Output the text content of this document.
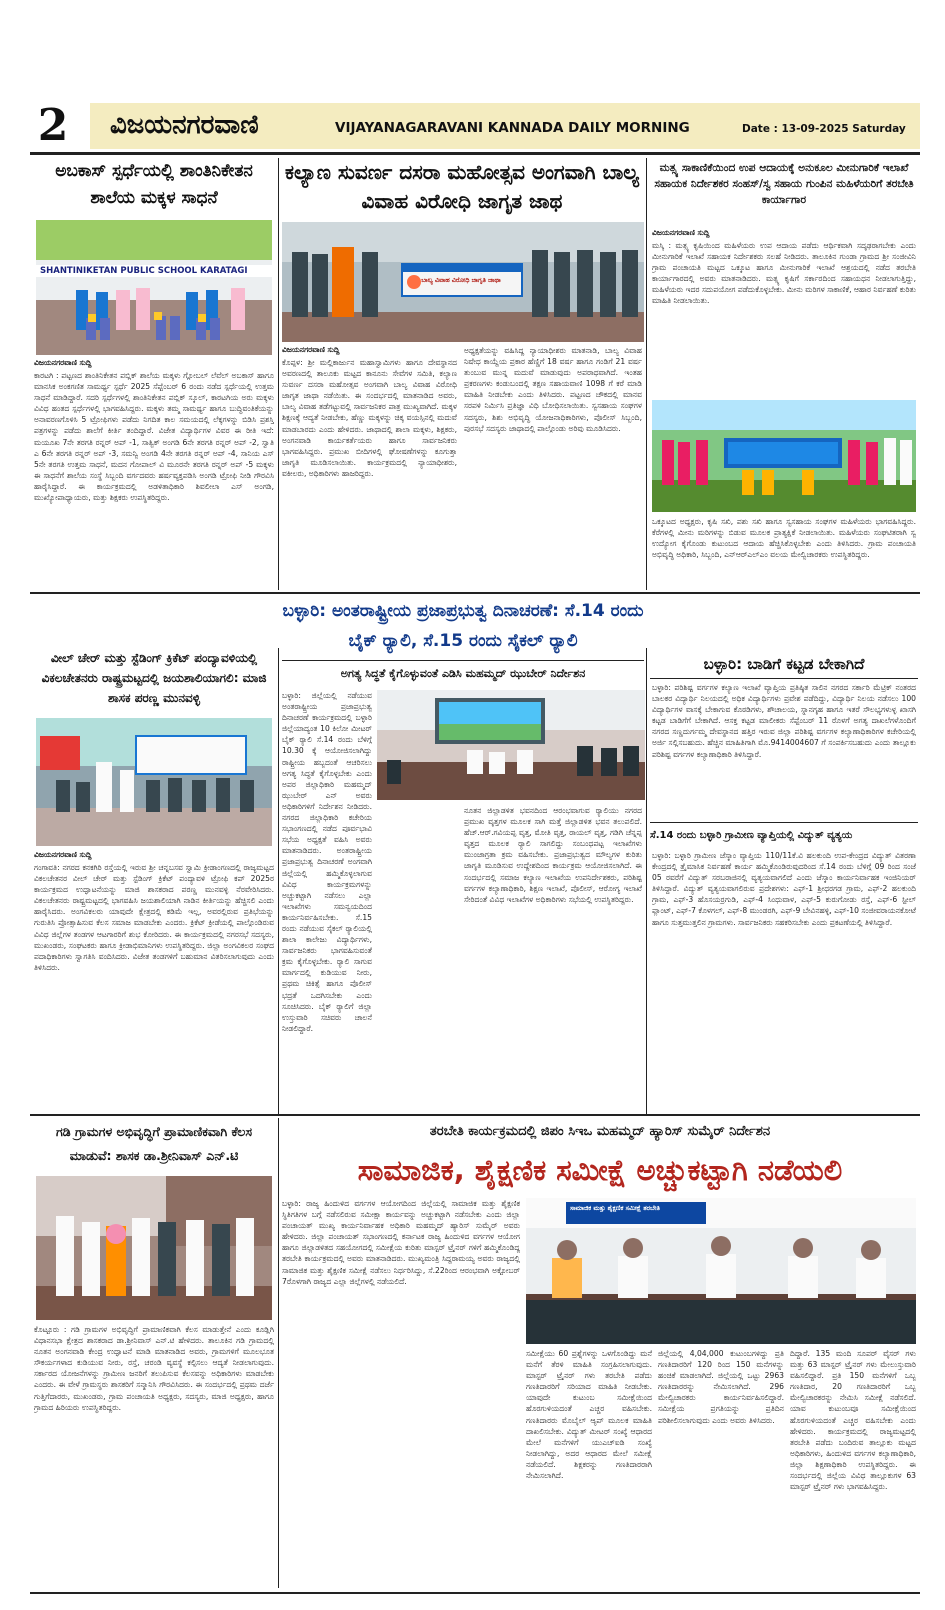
2 ವಿಜಯನಗರವಾಣಿ	VIJAYANAGARAVANI KANNADA DAILY MORNING	Date : 13-09-2025 Saturday
ಅಬಕಾಸ್ ಸ್ಪರ್ಧೆಯಲ್ಲಿ ಶಾಂತಿನಿಕೇತನ ಶಾಲೆಯ ಮಕ್ಕಳ ಸಾಧನೆ
SHANTINIKETAN PUBLIC SCHOOL KARATAGI
ವಿಜಯನಗರವಾಣಿ ಸುದ್ದಿ
ಕಾರಟಗಿ : ಪಟ್ಟಣದ ಶಾಂತಿನಿಕೇತನ ಪಬ್ಲಿಕ್ ಶಾಲೆಯ ಮಕ್ಕಳು ಗ್ಲೋಬಲ್ ಲೆವೆಲ್ ಅಬಕಾಸ್ ಹಾಗೂ ಮಾನಸಿಕ ಅಂಕಗಣಿತ ಸಾಮರ್ಥ್ಯ ಸ್ಪರ್ಧೆ 2025 ಸೆಪ್ಟೆಂಬರ್ 6 ರಂದು ನಡೆದ ಸ್ಪರ್ಧೆಯಲ್ಲಿ ಉತ್ತಮ ಸಾಧನೆ ಮಾಡಿದ್ದಾರೆ. ಸದರಿ ಸ್ಪರ್ಧೆಗಳಲ್ಲಿ ಶಾಂತಿನಿಕೇತನ ಪಬ್ಲಿಕ್ ಸ್ಕೂಲ್, ಕಾರಟಗಿಯ ಅರು ಮಕ್ಕಳು ವಿವಿಧ ಹಂತದ ಸ್ಪರ್ಧೆಗಳಲ್ಲಿ ಭಾಗವಹಿಸಿದ್ದರು. ಮಕ್ಕಳು ತಮ್ಮ ಸಾಮರ್ಥ್ಯ ಹಾಗೂ ಬುದ್ಧಿವಂತಿಕೆಯನ್ನು ಅನಾವರಣಗೊಳಿಸಿ 5 ಟ್ರೋಫಿಗಳು ಪಡೆದು ನಿಗದಿತ ಕಾಲ ಸಮಯದಲ್ಲಿ ಲೆಕ್ಕಗಳನ್ನು ಬಿಡಿಸಿ ಪ್ರಶಸ್ತಿ ಪತ್ರಗಳನ್ನು ಪಡೆದು ಶಾಲೆಗೆ ಕೀರ್ತಿ ತಂದಿದ್ದಾರೆ. ವಿಜೇತ ವಿದ್ಯಾರ್ಥಿಗಳ ವಿವರ ಈ ರೀತಿ ಇದೆ: ಮಯೂಖ 7ನೇ ತರಗತಿ ರನ್ನರ್ ಅಪ್ -1, ಸಾತ್ವಿಕ್ ಅಂಗಡಿ 6ನೇ ತರಗತಿ ರನ್ನರ್ ಅಪ್ -2, ಸ್ವಾತಿ ಎ 6ನೇ ತರಗತಿ ರನ್ನರ್ ಅಪ್ -3, ಸಮನ್ವಿ ಅಂಗಡಿ 4ನೇ ತರಗತಿ ರನ್ನರ್ ಅಪ್ -4, ಸಾನಿಯ ಎಸ್ 5ನೇ ತರಗತಿ ಉತ್ತಮ ಸಾಧನೆ, ಮದನ ಗೋಪಾಲ್ ವಿ ಮೂರನೇ ತರಗತಿ ರನ್ನರ್ ಅಪ್ -5 ಮಕ್ಕಳು ಈ ಸಾಧನೆಗೆ ಶಾಲೆಯ ಸಂಸ್ಥೆ ಸಿಬ್ಬಂದಿ ವರ್ಗದವರು ಹರ್ಷವ್ಯಕ್ತಪಡಿಸಿ ಅಂಗಡಿ ಟ್ರೋಫಿ ನೀಡಿ ಗೌರವಿಸಿ ಹಾರೈಸಿದ್ದಾರೆ. ಈ ಕಾರ್ಯಕ್ರಮದಲ್ಲಿ ಅಡಳಿತಾಧಿಕಾರಿ ಶಿವಲೀಲಾ ಎಸ್ ಅಂಗಡಿ, ಮುಖ್ಯೋಪಾಧ್ಯಾಯರು, ಮತ್ತು ಶಿಕ್ಷಕರು ಉಪಸ್ಥಿತರಿದ್ದರು.
ಕಲ್ಯಾಣ ಸುವರ್ಣ ದಸರಾ ಮಹೋತ್ಸವ ಅಂಗವಾಗಿ ಬಾಲ್ಯ ವಿವಾಹ ವಿರೋಧಿ ಜಾಗೃತ ಜಾಥ
ಬಾಲ್ಯ ವಿವಾಹ ವಿರೋಧಿ ಜಾಗೃತಿ ಜಾಥಾ
ವಿಜಯನಗರವಾಣಿ ಸುದ್ದಿ
ಕೊಪ್ಪಳ: ಶ್ರೀ ಮಲ್ಲಿಕಾರ್ಜುನ ಮಹಾಸ್ವಾಮಿಗಳು ಹಾಗೂ ದೇವಸ್ಥಾನದ ಅವರಣದಲ್ಲಿ ತಾಲೂಕು ಮಟ್ಟದ ಕಾನೂನು ಸೇವೆಗಳ ಸಮಿತಿ, ಕಲ್ಯಾಣ ಸುವರ್ಣ ದಸರಾ ಮಹೋತ್ಸವ ಅಂಗವಾಗಿ ಬಾಲ್ಯ ವಿವಾಹ ವಿರೋಧಿ ಜಾಗೃತ ಜಾಥಾ ನಡೆಯಿತು. ಈ ಸಂದರ್ಭದಲ್ಲಿ ಮಾತನಾಡಿದ ಅವರು, ಬಾಲ್ಯ ವಿವಾಹ ತಡೆಗಟ್ಟುವಲ್ಲಿ ಸಾರ್ವಜನಿಕರ ಪಾತ್ರ ಮುಖ್ಯವಾಗಿದೆ. ಮಕ್ಕಳ ಶಿಕ್ಷಣಕ್ಕೆ ಆದ್ಯತೆ ನೀಡಬೇಕು, ಹೆಣ್ಣು ಮಕ್ಕಳನ್ನು ಚಿಕ್ಕ ವಯಸ್ಸಿನಲ್ಲಿ ಮದುವೆ ಮಾಡಬಾರದು ಎಂದು ಹೇಳಿದರು. ಜಾಥಾದಲ್ಲಿ ಶಾಲಾ ಮಕ್ಕಳು, ಶಿಕ್ಷಕರು, ಅಂಗನವಾಡಿ ಕಾರ್ಯಕರ್ತೆಯರು ಹಾಗೂ ಸಾರ್ವಜನಿಕರು ಭಾಗವಹಿಸಿದ್ದರು. ಪ್ರಮುಖ ಬೀದಿಗಳಲ್ಲಿ ಘೋಷಣೆಗಳನ್ನು ಕೂಗುತ್ತಾ ಜಾಗೃತಿ ಮೂಡಿಸಲಾಯಿತು. ಕಾರ್ಯಕ್ರಮದಲ್ಲಿ ನ್ಯಾಯಾಧೀಶರು, ವಕೀಲರು, ಅಧಿಕಾರಿಗಳು ಹಾಜರಿದ್ದರು.
ಅಧ್ಯಕ್ಷತೆಯನ್ನು ವಹಿಸಿದ್ದ ನ್ಯಾಯಾಧೀಶರು ಮಾತನಾಡಿ, ಬಾಲ್ಯ ವಿವಾಹ ನಿಷೇಧ ಕಾಯ್ದೆಯ ಪ್ರಕಾರ ಹೆಣ್ಣಿಗೆ 18 ವರ್ಷ ಹಾಗೂ ಗಂಡಿಗೆ 21 ವರ್ಷ ತುಂಬುವ ಮುನ್ನ ಮದುವೆ ಮಾಡುವುದು ಅಪರಾಧವಾಗಿದೆ. ಇಂತಹ ಪ್ರಕರಣಗಳು ಕಂಡುಬಂದಲ್ಲಿ ತಕ್ಷಣ ಸಹಾಯವಾಣಿ 1098 ಗೆ ಕರೆ ಮಾಡಿ ಮಾಹಿತಿ ನೀಡಬೇಕು ಎಂದು ತಿಳಿಸಿದರು. ಪಟ್ಟಣದ ಚೌಕದಲ್ಲಿ ಮಾನವ ಸರಪಳಿ ನಿರ್ಮಿಸಿ ಪ್ರತಿಜ್ಞಾ ವಿಧಿ ಬೋಧಿಸಲಾಯಿತು. ಸ್ವಸಹಾಯ ಸಂಘಗಳ ಸದಸ್ಯರು, ಶಿಶು ಅಭಿವೃದ್ಧಿ ಯೋಜನಾಧಿಕಾರಿಗಳು, ಪೊಲೀಸ್ ಸಿಬ್ಬಂದಿ, ಪುರಸಭೆ ಸದಸ್ಯರು ಜಾಥಾದಲ್ಲಿ ಪಾಲ್ಗೊಂಡು ಅರಿವು ಮೂಡಿಸಿದರು.
ಮತ್ಸ್ಯ ಸಾಕಾಣಿಕೆಯಿಂದ ಉಪ ಆದಾಯಕ್ಕೆ ಅನುಕೂಲ ಮೀನುಗಾರಿಕೆ ಇಲಾಖೆ ಸಹಾಯಕ ನಿರ್ದೇಶಕರ ಸಂಹಸ್/ಸ್ವ ಸಹಾಯ ಗುಂಪಿನ ಮಹಿಳೆಯರಿಗೆ ತರಬೇತಿ ಕಾರ್ಯಾಗಾರ
ವಿಜಯನಗರವಾಣಿ ಸುದ್ದಿ
ಮಸ್ಕಿ : ಮತ್ಸ್ಯ ಕೃಷಿಯಿಂದ ಮಹಿಳೆಯರು ಉಪ ಆದಾಯ ಪಡೆದು ಆರ್ಥಿಕವಾಗಿ ಸದೃಢರಾಗಬೇಕು ಎಂದು ಮೀನುಗಾರಿಕೆ ಇಲಾಖೆ ಸಹಾಯಕ ನಿರ್ದೇಶಕರು ಸಲಹೆ ನೀಡಿದರು. ತಾಲೂಕಿನ ಗುಂಡಾ ಗ್ರಾಮದ ಶ್ರೀ ಸಂಜೀವಿನಿ ಗ್ರಾಮ ಪಂಚಾಯತಿ ಮಟ್ಟದ ಒಕ್ಕೂಟ ಹಾಗೂ ಮೀನುಗಾರಿಕೆ ಇಲಾಖೆ ಆಶ್ರಯದಲ್ಲಿ ನಡೆದ ತರಬೇತಿ ಕಾರ್ಯಾಗಾರದಲ್ಲಿ ಅವರು ಮಾತನಾಡಿದರು. ಮತ್ಸ್ಯ ಕೃಷಿಗೆ ಸರ್ಕಾರದಿಂದ ಸಹಾಯಧನ ನೀಡಲಾಗುತ್ತಿದ್ದು, ಮಹಿಳೆಯರು ಇದರ ಸದುಪಯೋಗ ಪಡೆದುಕೊಳ್ಳಬೇಕು. ಮೀನು ಮರಿಗಳ ಸಾಕಾಣಿಕೆ, ಆಹಾರ ನಿರ್ವಹಣೆ ಕುರಿತು ಮಾಹಿತಿ ನೀಡಲಾಯಿತು.
ಒಕ್ಕೂಟದ ಅಧ್ಯಕ್ಷರು, ಕೃಷಿ ಸಖಿ, ಪಶು ಸಖಿ ಹಾಗೂ ಸ್ವಸಹಾಯ ಸಂಘಗಳ ಮಹಿಳೆಯರು ಭಾಗವಹಿಸಿದ್ದರು. ಕೆರೆಗಳಲ್ಲಿ ಮೀನು ಮರಿಗಳನ್ನು ಬಿಡುವ ಮೂಲಕ ಪ್ರಾತ್ಯಕ್ಷಿಕೆ ನೀಡಲಾಯಿತು. ಮಹಿಳೆಯರು ಸಂಘಟಿತರಾಗಿ ಸ್ವ ಉದ್ಯೋಗ ಕೈಗೊಂಡು ಕುಟುಂಬದ ಆದಾಯ ಹೆಚ್ಚಿಸಿಕೊಳ್ಳಬೇಕು ಎಂದು ತಿಳಿಸಿದರು. ಗ್ರಾಮ ಪಂಚಾಯತಿ ಅಭಿವೃದ್ಧಿ ಅಧಿಕಾರಿ, ಸಿಬ್ಬಂದಿ, ಎನ್‌ಆರ್‌ಎಲ್‌ಎಂ ವಲಯ ಮೇಲ್ವಿಚಾರಕರು ಉಪಸ್ಥಿತರಿದ್ದರು.
ಬಳ್ಳಾರಿ: ಅಂತರಾಷ್ಟ್ರೀಯ ಪ್ರಜಾಪ್ರಭುತ್ವ ದಿನಾಚರಣೆ: ಸೆ.14 ರಂದು ಬೈಕ್ ರ‍್ಯಾಲಿ, ಸೆ.15 ರಂದು ಸೈಕಲ್ ರ‍್ಯಾಲಿ
ಅಗತ್ಯ ಸಿದ್ಧತೆ ಕೈಗೊಳ್ಳುವಂತೆ ಎಡಿಸಿ ಮಹಮ್ಮದ್ ಝುಬೇರ್ ನಿರ್ದೇಶನ
ಬಳ್ಳಾರಿ: ಜಿಲ್ಲೆಯಲ್ಲಿ ನಡೆಯುವ ಅಂತರಾಷ್ಟ್ರೀಯ ಪ್ರಜಾಪ್ರಭುತ್ವ ದಿನಾಚರಣೆ ಕಾರ್ಯಕ್ರಮದಲ್ಲಿ ಬಳ್ಳಾರಿ ಜಿಲ್ಲೆಯಾದ್ಯಂತ 10 ಕಿಲೋ ಮೀಟರ್ ಬೈಕ್ ರ‍್ಯಾಲಿ ಸೆ.14 ರಂದು ಬೆಳಿಗ್ಗೆ 10.30 ಕ್ಕೆ ಆಯೋಜಿಸಲಾಗಿದ್ದು ರಾಷ್ಟ್ರೀಯ ಹಬ್ಬದಂತೆ ಆಚರಿಸಲು ಅಗತ್ಯ ಸಿದ್ಧತೆ ಕೈಗೊಳ್ಳಬೇಕು ಎಂದು ಅಪರ ಜಿಲ್ಲಾಧಿಕಾರಿ ಮಹಮ್ಮದ್ ಝುಬೇರ್ ಎನ್ ಅವರು ಅಧಿಕಾರಿಗಳಿಗೆ ನಿರ್ದೇಶನ ನೀಡಿದರು. ನಗರದ ಜಿಲ್ಲಾಧಿಕಾರಿ ಕಚೇರಿಯ ಸಭಾಂಗಣದಲ್ಲಿ ನಡೆದ ಪೂರ್ವಭಾವಿ ಸಭೆಯ ಅಧ್ಯಕ್ಷತೆ ವಹಿಸಿ ಅವರು ಮಾತನಾಡಿದರು. ಅಂತರಾಷ್ಟ್ರೀಯ ಪ್ರಜಾಪ್ರಭುತ್ವ ದಿನಾಚರಣೆ ಅಂಗವಾಗಿ ಜಿಲ್ಲೆಯಲ್ಲಿ ಹಮ್ಮಿಕೊಳ್ಳಲಾಗುವ ವಿವಿಧ ಕಾರ್ಯಕ್ರಮಗಳನ್ನು ಅಚ್ಚುಕಟ್ಟಾಗಿ ನಡೆಸಲು ಎಲ್ಲಾ ಇಲಾಖೆಗಳು ಸಮನ್ವಯದಿಂದ ಕಾರ್ಯನಿರ್ವಹಿಸಬೇಕು. ಸೆ.15 ರಂದು ನಡೆಯುವ ಸೈಕಲ್ ರ‍್ಯಾಲಿಯಲ್ಲಿ ಶಾಲಾ ಕಾಲೇಜು ವಿದ್ಯಾರ್ಥಿಗಳು, ಸಾರ್ವಜನಿಕರು ಭಾಗವಹಿಸುವಂತೆ ಕ್ರಮ ಕೈಗೊಳ್ಳಬೇಕು. ರ‍್ಯಾಲಿ ಸಾಗುವ ಮಾರ್ಗದಲ್ಲಿ ಕುಡಿಯುವ ನೀರು, ಪ್ರಥಮ ಚಿಕಿತ್ಸೆ ಹಾಗೂ ಪೊಲೀಸ್ ಭದ್ರತೆ ಒದಗಿಸಬೇಕು ಎಂದು ಸೂಚಿಸಿದರು. ಬೈಕ್ ರ‍್ಯಾಲಿಗೆ ಜಿಲ್ಲಾ ಉಸ್ತುವಾರಿ ಸಚಿವರು ಚಾಲನೆ ನೀಡಲಿದ್ದಾರೆ.
ನೂತನ ಜಿಲ್ಲಾಡಳಿತ ಭವನದಿಂದ ಆರಂಭವಾಗುವ ರ‍್ಯಾಲಿಯು ನಗರದ ಪ್ರಮುಖ ವೃತ್ತಗಳ ಮೂಲಕ ಸಾಗಿ ಮತ್ತೆ ಜಿಲ್ಲಾಡಳಿತ ಭವನ ತಲುಪಲಿದೆ. ಹೆಚ್.ಆರ್.ಗವಿಯಪ್ಪ ವೃತ್ತ, ಮೋತಿ ವೃತ್ತ, ರಾಯಲ್ ವೃತ್ತ, ಗಡಿಗಿ ಚೆನ್ನಪ್ಪ ವೃತ್ತದ ಮೂಲಕ ರ‍್ಯಾಲಿ ಸಾಗಲಿದ್ದು ಸಂಬಂಧಪಟ್ಟ ಇಲಾಖೆಗಳು ಮುಂಜಾಗ್ರತಾ ಕ್ರಮ ವಹಿಸಬೇಕು. ಪ್ರಜಾಪ್ರಭುತ್ವದ ಮೌಲ್ಯಗಳ ಕುರಿತು ಜಾಗೃತಿ ಮೂಡಿಸುವ ಉದ್ದೇಶದಿಂದ ಕಾರ್ಯಕ್ರಮ ಆಯೋಜಿಸಲಾಗಿದೆ. ಈ ಸಂದರ್ಭದಲ್ಲಿ ಸಮಾಜ ಕಲ್ಯಾಣ ಇಲಾಖೆಯ ಉಪನಿರ್ದೇಶಕರು, ಪರಿಶಿಷ್ಟ ವರ್ಗಗಳ ಕಲ್ಯಾಣಾಧಿಕಾರಿ, ಶಿಕ್ಷಣ ಇಲಾಖೆ, ಪೊಲೀಸ್, ಆರೋಗ್ಯ ಇಲಾಖೆ ಸೇರಿದಂತೆ ವಿವಿಧ ಇಲಾಖೆಗಳ ಅಧಿಕಾರಿಗಳು ಸಭೆಯಲ್ಲಿ ಉಪಸ್ಥಿತರಿದ್ದರು.
ವೀಲ್ ಚೇರ್ ಮತ್ತು ಸ್ಟೆಡಿಂಗ್ ಕ್ರಿಕೆಟ್ ಪಂದ್ಯಾವಳಿಯಲ್ಲಿ ವಿಕಲಚೇತನರು ರಾಷ್ಟ್ರಮಟ್ಟದಲ್ಲಿ ಜಯಶಾಲಿಯಾಗಲಿ: ಮಾಜಿ ಶಾಸಕ ಪರಣ್ಣ ಮುನವಳ್ಳಿ
ವಿಜಯನಗರವಾಣಿ ಸುದ್ದಿ
ಗಂಗಾವತಿ: ನಗರದ ಕನಕಗಿರಿ ರಸ್ತೆಯಲ್ಲಿ ಇರುವ ಶ್ರೀ ಚನ್ನಬಸವ ಸ್ವಾಮಿ ಕ್ರೀಡಾಂಗಣದಲ್ಲಿ ರಾಜ್ಯಮಟ್ಟದ ವಿಕಲಚೇತನರ ವೀಲ್ ಚೇರ್ ಮತ್ತು ಸ್ಟೆಡಿಂಗ್ ಕ್ರಿಕೆಟ್ ಪಂದ್ಯಾವಳಿ ಟ್ರೋಫಿ ಕಪ್ 2025ರ ಕಾರ್ಯಕ್ರಮದ ಉದ್ಘಾಟನೆಯನ್ನು ಮಾಜಿ ಶಾಸಕರಾದ ಪರಣ್ಣ ಮುನವಳ್ಳಿ ನೆರವೇರಿಸಿದರು. ವಿಕಲಚೇತನರು ರಾಷ್ಟ್ರಮಟ್ಟದಲ್ಲಿ ಭಾಗವಹಿಸಿ ಜಯಶಾಲಿಯಾಗಿ ನಾಡಿನ ಕೀರ್ತಿಯನ್ನು ಹೆಚ್ಚಿಸಲಿ ಎಂದು ಹಾರೈಸಿದರು. ಅಂಗವಿಕಲರು ಯಾವುದೇ ಕ್ಷೇತ್ರದಲ್ಲಿ ಕಡಿಮೆ ಇಲ್ಲ, ಅವರಲ್ಲಿರುವ ಪ್ರತಿಭೆಯನ್ನು ಗುರುತಿಸಿ ಪ್ರೋತ್ಸಾಹಿಸುವ ಕೆಲಸ ಸಮಾಜ ಮಾಡಬೇಕು ಎಂದರು. ಕ್ರಿಕೆಟ್ ಕ್ರೀಡೆಯಲ್ಲಿ ಪಾಲ್ಗೊಂಡಿರುವ ವಿವಿಧ ಜಿಲ್ಲೆಗಳ ತಂಡಗಳ ಆಟಗಾರರಿಗೆ ಶುಭ ಕೋರಿದರು. ಈ ಕಾರ್ಯಕ್ರಮದಲ್ಲಿ ನಗರಸಭೆ ಸದಸ್ಯರು, ಮುಖಂಡರು, ಸಂಘಟಕರು ಹಾಗೂ ಕ್ರೀಡಾಭಿಮಾನಿಗಳು ಉಪಸ್ಥಿತರಿದ್ದರು. ಜಿಲ್ಲಾ ಅಂಗವಿಕಲರ ಸಂಘದ ಪದಾಧಿಕಾರಿಗಳು ಸ್ವಾಗತಿಸಿ ವಂದಿಸಿದರು. ವಿಜೇತ ತಂಡಗಳಿಗೆ ಬಹುಮಾನ ವಿತರಿಸಲಾಗುವುದು ಎಂದು ತಿಳಿಸಿದರು.
ಬಳ್ಳಾರಿ: ಬಾಡಿಗೆ ಕಟ್ಟಡ ಬೇಕಾಗಿದೆ
ಬಳ್ಳಾರಿ: ಪರಿಶಿಷ್ಟ ವರ್ಗಗಳ ಕಲ್ಯಾಣ ಇಲಾಖೆ ವ್ಯಾಪ್ತಿಯ ಪ್ರತಿಷ್ಠಿತ ಸಾಲಿನ ನಗರದ ಸರ್ಕಾರಿ ಮೆಟ್ರಿಕ್ ನಂತರದ ಬಾಲಕರ ವಿದ್ಯಾರ್ಥಿ ನಿಲಯದಲ್ಲಿ ಅಧಿಕ ವಿದ್ಯಾರ್ಥಿಗಳು ಪ್ರವೇಶ ಪಡೆದಿದ್ದು, ವಿದ್ಯಾರ್ಥಿ ನಿಲಯ ನಡೆಸಲು 100 ವಿದ್ಯಾರ್ಥಿಗಳ ವಾಸಕ್ಕೆ ಬೇಕಾಗುವ ಕೊಠಡಿಗಳು, ಶೌಚಾಲಯ, ಸ್ನಾನಗೃಹ ಹಾಗೂ ಇತರೆ ಸೌಲಭ್ಯಗಳುಳ್ಳ ಖಾಸಗಿ ಕಟ್ಟಡ ಬಾಡಿಗೆಗೆ ಬೇಕಾಗಿದೆ. ಆಸಕ್ತ ಕಟ್ಟಡ ಮಾಲೀಕರು ಸೆಪ್ಟೆಂಬರ್ 11 ರೊಳಗೆ ಅಗತ್ಯ ದಾಖಲೆಗಳೊಂದಿಗೆ ನಗರದ ಸಣ್ಣದುರ್ಗಮ್ಮ ದೇವಸ್ಥಾನದ ಹತ್ತಿರ ಇರುವ ಜಿಲ್ಲಾ ಪರಿಶಿಷ್ಟ ವರ್ಗಗಳ ಕಲ್ಯಾಣಾಧಿಕಾರಿಗಳ ಕಚೇರಿಯಲ್ಲಿ ಅರ್ಜಿ ಸಲ್ಲಿಸಬಹುದು. ಹೆಚ್ಚಿನ ಮಾಹಿತಿಗಾಗಿ ಮೊ.9414004607 ಗೆ ಸಂಪರ್ಕಿಸಬಹುದು ಎಂದು ತಾಲ್ಲೂಕು ಪರಿಶಿಷ್ಟ ವರ್ಗಗಳ ಕಲ್ಯಾಣಾಧಿಕಾರಿ ತಿಳಿಸಿದ್ದಾರೆ.
ಸೆ.14 ರಂದು ಬಳ್ಳಾರಿ ಗ್ರಾಮೀಣ ವ್ಯಾಪ್ತಿಯಲ್ಲಿ ವಿದ್ಯುತ್ ವ್ಯತ್ಯಯ
ಬಳ್ಳಾರಿ: ಬಳ್ಳಾರಿ ಗ್ರಾಮೀಣ ಜೆಸ್ಕಾಂ ವ್ಯಾಪ್ತಿಯ 110/11ಕೆ.ವಿ ಹಲಕುಂದಿ ಉಪ-ಕೇಂದ್ರದ ವಿದ್ಯುತ್ ವಿತರಣಾ ಕೇಂದ್ರದಲ್ಲಿ ತ್ರೈಮಾಸಿಕ ನಿರ್ವಹಣೆ ಕಾರ್ಯ ಹಮ್ಮಿಕೊಂಡಿರುವುದರಿಂದ ಸೆ.14 ರಂದು ಬೆಳಿಗ್ಗೆ 09 ರಿಂದ ಸಂಜೆ 05 ರವರೆಗೆ ವಿದ್ಯುತ್ ಸರಬರಾಜಿನಲ್ಲಿ ವ್ಯತ್ಯಯವಾಗಲಿದೆ ಎಂದು ಜೆಸ್ಕಾಂ ಕಾರ್ಯನಿರ್ವಾಹಕ ಇಂಜಿನಿಯರ್ ತಿಳಿಸಿದ್ದಾರೆ. ವಿದ್ಯುತ್ ವ್ಯತ್ಯಯವಾಗಲಿರುವ ಪ್ರದೇಶಗಳು: ಎಫ್-1 ಶ್ರೀಧರಗಡ ಗ್ರಾಮ, ಎಫ್-2 ಹಲಕುಂದಿ ಗ್ರಾಮ, ಎಫ್-3 ಹೊಸಯರ್ರಗುಡಿ, ಎಫ್-4 ಸಿಂಧುವಾಳ, ಎಫ್-5 ಕುರುಗೋಡು ರಸ್ತೆ, ಎಫ್-6 ಸ್ಟೀಲ್ ಪ್ಲಾಂಟ್, ಎಫ್-7 ಕೊಳಗಲ್, ಎಫ್-8 ಮುಂಡರಗಿ, ಎಫ್-9 ಬೇವಿನಹಳ್ಳಿ, ಎಫ್-10 ಸಂಜೀವರಾಯನಕೋಟೆ ಹಾಗೂ ಸುತ್ತಮುತ್ತಲಿನ ಗ್ರಾಮಗಳು. ಸಾರ್ವಜನಿಕರು ಸಹಕರಿಸಬೇಕು ಎಂದು ಪ್ರಕಟಣೆಯಲ್ಲಿ ತಿಳಿಸಿದ್ದಾರೆ.
ಗಡಿ ಗ್ರಾಮಗಳ ಅಭಿವೃದ್ಧಿಗೆ ಪ್ರಾಮಾಣಿಕವಾಗಿ ಕೆಲಸ ಮಾಡುವೆ: ಶಾಸಕ ಡಾ.ಶ್ರೀನಿವಾಸ್ ಎನ್.ಟಿ
ಕೊಟ್ಟೂರು : ಗಡಿ ಗ್ರಾಮಗಳ ಅಭಿವೃದ್ಧಿಗೆ ಪ್ರಾಮಾಣಿಕವಾಗಿ ಕೆಲಸ ಮಾಡುತ್ತೇನೆ ಎಂದು ಕೂಡ್ಲಿಗಿ ವಿಧಾನಸಭಾ ಕ್ಷೇತ್ರದ ಶಾಸಕರಾದ ಡಾ.ಶ್ರೀನಿವಾಸ್ ಎನ್.ಟಿ ಹೇಳಿದರು. ತಾಲೂಕಿನ ಗಡಿ ಗ್ರಾಮದಲ್ಲಿ ನೂತನ ಅಂಗನವಾಡಿ ಕೇಂದ್ರ ಉದ್ಘಾಟನೆ ಮಾಡಿ ಮಾತನಾಡಿದ ಅವರು, ಗ್ರಾಮಗಳಿಗೆ ಮೂಲಭೂತ ಸೌಕರ್ಯಗಳಾದ ಕುಡಿಯುವ ನೀರು, ರಸ್ತೆ, ಚರಂಡಿ ವ್ಯವಸ್ಥೆ ಕಲ್ಪಿಸಲು ಆದ್ಯತೆ ನೀಡಲಾಗುವುದು. ಸರ್ಕಾರದ ಯೋಜನೆಗಳನ್ನು ಗ್ರಾಮೀಣ ಜನರಿಗೆ ತಲುಪಿಸುವ ಕೆಲಸವನ್ನು ಅಧಿಕಾರಿಗಳು ಮಾಡಬೇಕು ಎಂದರು. ಈ ವೇಳೆ ಗ್ರಾಮಸ್ಥರು ಶಾಸಕರಿಗೆ ಸನ್ಮಾನಿಸಿ ಗೌರವಿಸಿದರು. ಈ ಸಂದರ್ಭದಲ್ಲಿ ಪ್ರಥಮ ದರ್ಜೆ ಗುತ್ತಿಗೆದಾರರು, ಮುಖಂಡರು, ಗ್ರಾಮ ಪಂಚಾಯತಿ ಅಧ್ಯಕ್ಷರು, ಸದಸ್ಯರು, ಮಾಜಿ ಅಧ್ಯಕ್ಷರು, ಹಾಗೂ ಗ್ರಾಮದ ಹಿರಿಯರು ಉಪಸ್ಥಿತರಿದ್ದರು.
ತರಬೇತಿ ಕಾರ್ಯಕ್ರಮದಲ್ಲಿ ಜಿಪಂ ಸಿಇಒ ಮಹಮ್ಮದ್ ಹ್ಯಾರಿಸ್ ಸುಮೈರ್ ನಿರ್ದೇಶನ
ಸಾಮಾಜಿಕ, ಶೈಕ್ಷಣಿಕ ಸಮೀಕ್ಷೆ ಅಚ್ಚುಕಟ್ಟಾಗಿ ನಡೆಯಲಿ
ಸಾಮಾಜಿಕ ಮತ್ತು ಶೈಕ್ಷಣಿಕ ಸಮೀಕ್ಷೆ ತರಬೇತಿ
ಬಳ್ಳಾರಿ: ರಾಜ್ಯ ಹಿಂದುಳಿದ ವರ್ಗಗಳ ಆಯೋಗದಿಂದ ಜಿಲ್ಲೆಯಲ್ಲಿ ಸಾಮಾಜಿಕ ಮತ್ತು ಶೈಕ್ಷಣಿಕ ಸ್ಥಿತಿಗತಿಗಳ ಬಗ್ಗೆ ನಡೆಸಲಿರುವ ಸಮೀಕ್ಷಾ ಕಾರ್ಯವನ್ನು ಅಚ್ಚುಕಟ್ಟಾಗಿ ನಡೆಸಬೇಕು ಎಂದು ಜಿಲ್ಲಾ ಪಂಚಾಯತ್ ಮುಖ್ಯ ಕಾರ್ಯನಿರ್ವಾಹಕ ಅಧಿಕಾರಿ ಮಹಮ್ಮದ್ ಹ್ಯಾರಿಸ್ ಸುಮೈರ್ ಅವರು ಹೇಳಿದರು. ಜಿಲ್ಲಾ ಪಂಚಾಯತ್ ಸಭಾಂಗಣದಲ್ಲಿ ಕರ್ನಾಟಕ ರಾಜ್ಯ ಹಿಂದುಳಿದ ವರ್ಗಗಳ ಆಯೋಗ ಹಾಗೂ ಜಿಲ್ಲಾಡಳಿತದ ಸಹಯೋಗದಲ್ಲಿ ಸಮೀಕ್ಷೆಯ ಕುರಿತು ಮಾಸ್ಟರ್ ಟ್ರೈನರ್ ಗಳಿಗೆ ಹಮ್ಮಿಕೊಂಡಿದ್ದ ತರಬೇತಿ ಕಾರ್ಯಕ್ರಮದಲ್ಲಿ ಅವರು ಮಾತನಾಡಿದರು. ಮುಖ್ಯಮಂತ್ರಿ ಸಿದ್ದರಾಮಯ್ಯ ಅವರು ರಾಜ್ಯದಲ್ಲಿ ಸಾಮಾಜಿಕ ಮತ್ತು ಶೈಕ್ಷಣಿಕ ಸಮೀಕ್ಷೆ ನಡೆಸಲು ನಿರ್ಧರಿಸಿದ್ದು, ಸೆ.22ರಿಂದ ಆರಂಭವಾಗಿ ಅಕ್ಟೋಬರ್ 7ರೊಳಗಾಗಿ ರಾಜ್ಯದ ಎಲ್ಲಾ ಜಿಲ್ಲೆಗಳಲ್ಲಿ ನಡೆಯಲಿದೆ.
ಸಮೀಕ್ಷೆಯು 60 ಪ್ರಶ್ನೆಗಳನ್ನು ಒಳಗೊಂಡಿದ್ದು ಮನೆ ಮನೆಗೆ ತೆರಳಿ ಮಾಹಿತಿ ಸಂಗ್ರಹಿಸಲಾಗುವುದು. ಮಾಸ್ಟರ್ ಟ್ರೈನರ್ ಗಳು ತರಬೇತಿ ಪಡೆದು ಗಣತಿದಾರರಿಗೆ ಸರಿಯಾದ ಮಾಹಿತಿ ನೀಡಬೇಕು. ಯಾವುದೇ ಕುಟುಂಬ ಸಮೀಕ್ಷೆಯಿಂದ ಹೊರಗುಳಿಯದಂತೆ ಎಚ್ಚರ ವಹಿಸಬೇಕು. ಗಣತಿದಾರರು ಮೊಬೈಲ್ ಆ್ಯಪ್ ಮೂಲಕ ಮಾಹಿತಿ ದಾಖಲಿಸಬೇಕು. ವಿದ್ಯುತ್ ಮೀಟರ್ ಸಂಖ್ಯೆ ಆಧಾರದ ಮೇಲೆ ಮನೆಗಳಿಗೆ ಯುಎಚ್ಐಡಿ ಸಂಖ್ಯೆ ನೀಡಲಾಗಿದ್ದು, ಅದರ ಆಧಾರದ ಮೇಲೆ ಸಮೀಕ್ಷೆ ನಡೆಯಲಿದೆ. ಶಿಕ್ಷಕರನ್ನು ಗಣತಿದಾರರಾಗಿ ನೇಮಿಸಲಾಗಿದೆ.
ಜಿಲ್ಲೆಯಲ್ಲಿ 4,04,000 ಕುಟುಂಬಗಳಿದ್ದು ಪ್ರತಿ ಗಣತಿದಾರರಿಗೆ 120 ರಿಂದ 150 ಮನೆಗಳನ್ನು ಹಂಚಿಕೆ ಮಾಡಲಾಗಿದೆ. ಜಿಲ್ಲೆಯಲ್ಲಿ ಒಟ್ಟು 2963 ಗಣತಿದಾರರನ್ನು ನೇಮಿಸಲಾಗಿದೆ. 296 ಮೇಲ್ವಿಚಾರಕರು ಕಾರ್ಯನಿರ್ವಹಿಸಲಿದ್ದಾರೆ. ಸಮೀಕ್ಷೆಯ ಪ್ರಗತಿಯನ್ನು ಪ್ರತಿದಿನ ಪರಿಶೀಲಿಸಲಾಗುವುದು ಎಂದು ಅವರು ತಿಳಿಸಿದರು.
ದಿದ್ದಾರೆ. 135 ಮಂದಿ ಸೂಪರ್ ವೈಸರ್ ಗಳು ಮತ್ತು 63 ಮಾಸ್ಟರ್ ಟ್ರೈನರ್ ಗಳು ಮೇಲುಸ್ತುವಾರಿ ವಹಿಸಲಿದ್ದಾರೆ. ಪ್ರತಿ 150 ಮನೆಗಳಿಗೆ ಒಬ್ಬ ಗಣತಿದಾರ, 20 ಗಣತಿದಾರರಿಗೆ ಒಬ್ಬ ಮೇಲ್ವಿಚಾರಕರನ್ನು ನೇಮಿಸಿ ಸಮೀಕ್ಷೆ ನಡೆಸಲಿದೆ. ಯಾವ ಕುಟುಂಬವೂ ಸಮೀಕ್ಷೆಯಿಂದ ಹೊರಗುಳಿಯದಂತೆ ಎಚ್ಚರ ವಹಿಸಬೇಕು ಎಂದು ಹೇಳಿದರು. ಕಾರ್ಯಕ್ರಮದಲ್ಲಿ ರಾಜ್ಯಮಟ್ಟದಲ್ಲಿ ತರಬೇತಿ ಪಡೆದು ಬಂದಿರುವ ತಾಲ್ಲೂಕು ಮಟ್ಟದ ಅಧಿಕಾರಿಗಳು, ಹಿಂದುಳಿದ ವರ್ಗಗಳ ಕಲ್ಯಾಣಾಧಿಕಾರಿ, ಜಿಲ್ಲಾ ಶಿಕ್ಷಣಾಧಿಕಾರಿ ಉಪಸ್ಥಿತರಿದ್ದರು. ಈ ಸಂದರ್ಭದಲ್ಲಿ ಜಿಲ್ಲೆಯ ವಿವಿಧ ತಾಲ್ಲೂಕುಗಳ 63 ಮಾಸ್ಟರ್ ಟ್ರೈನರ್ ಗಳು ಭಾಗವಹಿಸಿದ್ದರು.
